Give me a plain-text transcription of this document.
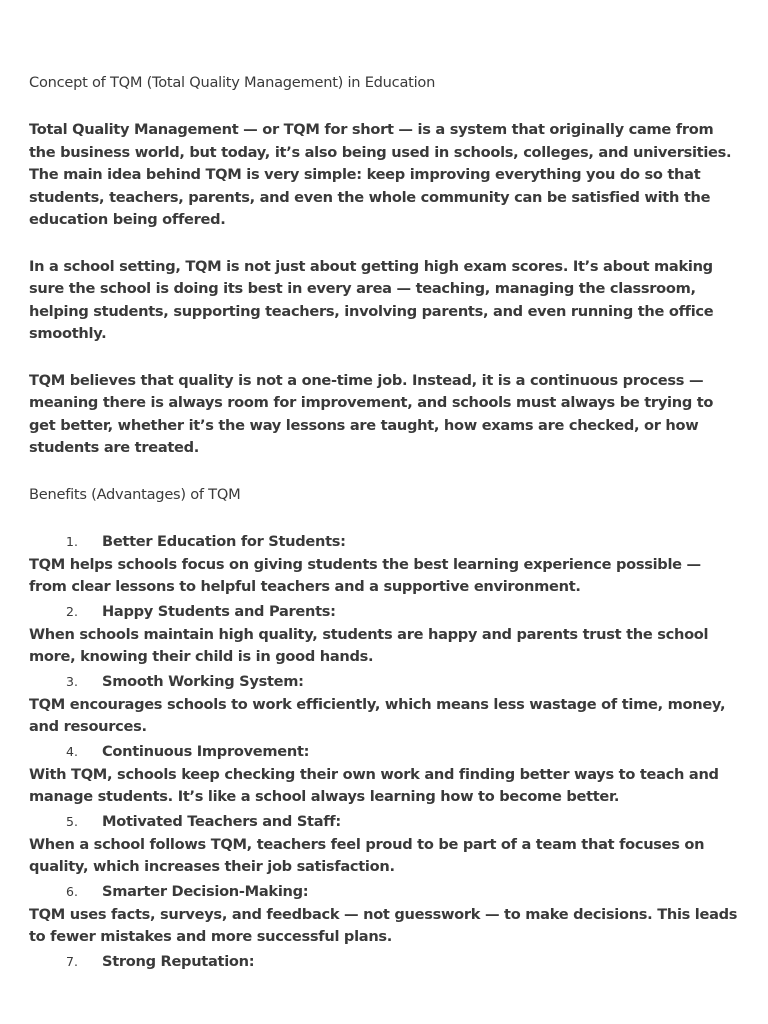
Concept of TQM (Total Quality Management) in Education

Total Quality Management — or TQM for short — is a system that originally came from the business world, but today, it’s also being used in schools, colleges, and universities. The main idea behind TQM is very simple: keep improving everything you do so that students, teachers, parents, and even the whole community can be satisfied with the education being offered.

In a school setting, TQM is not just about getting high exam scores. It’s about making sure the school is doing its best in every area — teaching, managing the classroom, helping students, supporting teachers, involving parents, and even running the office smoothly.

TQM believes that quality is not a one-time job. Instead, it is a continuous process — meaning there is always room for improvement, and schools must always be trying to get better, whether it’s the way lessons are taught, how exams are checked, or how students are treated.

Benefits (Advantages) of TQM

1. Better Education for Students:

TQM helps schools focus on giving students the best learning experience possible — from clear lessons to helpful teachers and a supportive environment.

2. Happy Students and Parents:

When schools maintain high quality, students are happy and parents trust the school more, knowing their child is in good hands.

3. Smooth Working System:

TQM encourages schools to work efficiently, which means less wastage of time, money, and resources.

4. Continuous Improvement:

With TQM, schools keep checking their own work and finding better ways to teach and manage students. It’s like a school always learning how to become better.

5. Motivated Teachers and Staff:

When a school follows TQM, teachers feel proud to be part of a team that focuses on quality, which increases their job satisfaction.

6. Smarter Decision-Making:

TQM uses facts, surveys, and feedback — not guesswork — to make decisions. This leads to fewer mistakes and more successful plans.

7. Strong Reputation:
